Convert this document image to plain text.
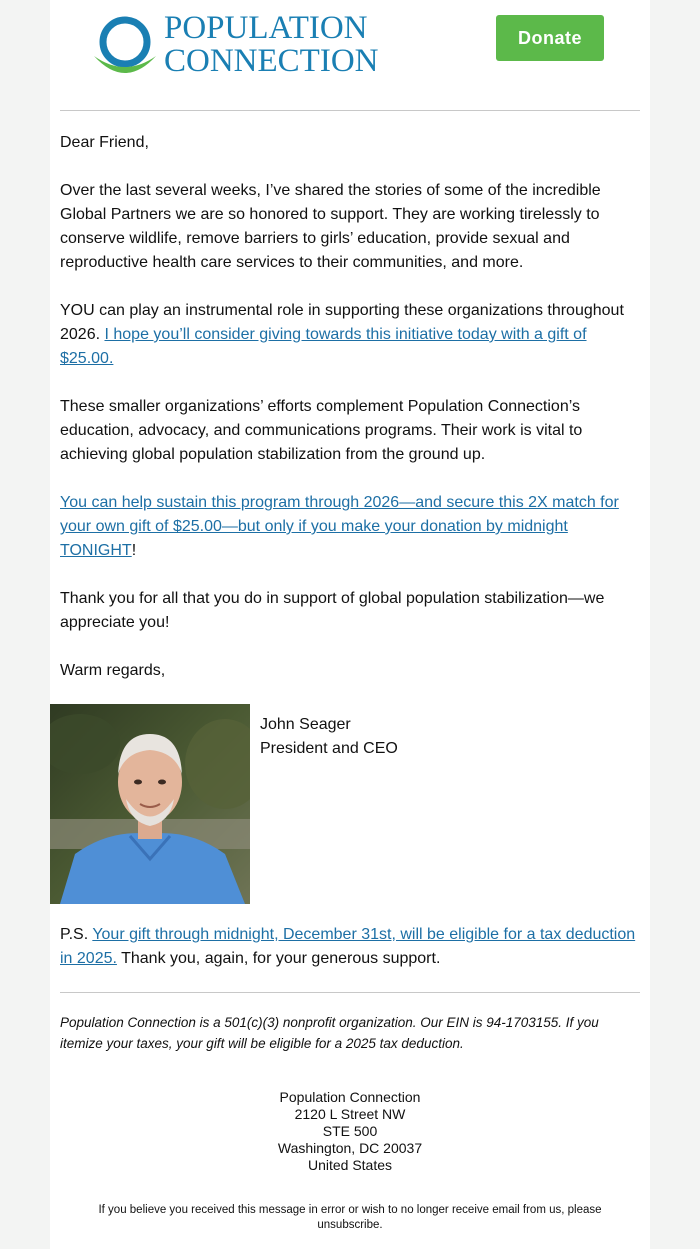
POPULATION
CONNECTION
Donate

Dear Friend,

Over the last several weeks, I’ve shared the stories of some of the incredible Global Partners we are so honored to support. They are working tirelessly to conserve wildlife, remove barriers to girls’ education, provide sexual and reproductive health care services to their communities, and more.

YOU can play an instrumental role in supporting these organizations throughout 2026. I hope you’ll consider giving towards this initiative today with a gift of $25.00.

These smaller organizations’ efforts complement Population Connection’s education, advocacy, and communications programs. Their work is vital to achieving global population stabilization from the ground up.

You can help sustain this program through 2026—and secure this 2X match for your own gift of $25.00—but only if you make your donation by midnight TONIGHT!

Thank you for all that you do in support of global population stabilization—we appreciate you!

Warm regards,

John Seager
President and CEO

P.S. Your gift through midnight, December 31st, will be eligible for a tax deduction in 2025. Thank you, again, for your generous support.

Population Connection is a 501(c)(3) nonprofit organization. Our EIN is 94-1703155. If you itemize your taxes, your gift will be eligible for a 2025 tax deduction.
Population Connection
2120 L Street NW
STE 500
Washington, DC 20037
United States
If you believe you received this message in error or wish to no longer receive email from us, please unsubscribe.
